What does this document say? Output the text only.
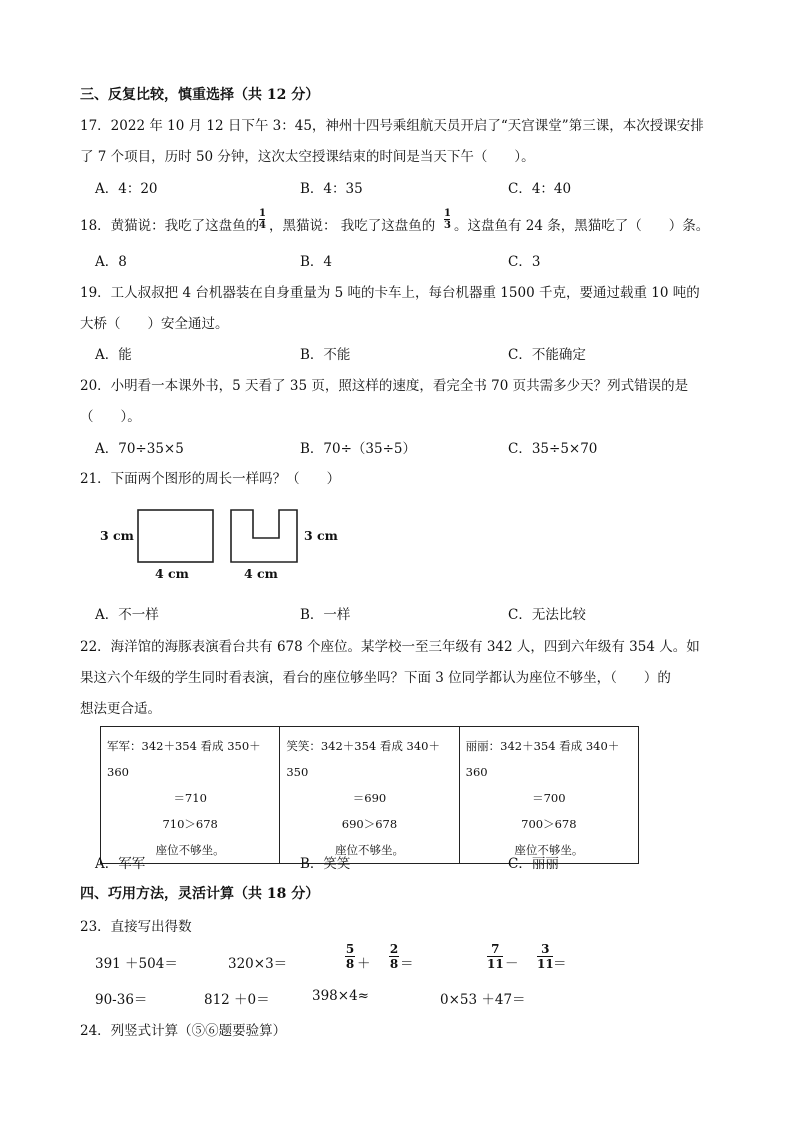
三、反复比较，慎重选择（共 12 分）
17．2022 年 10 月 12 日下午 3：45，神州十四号乘组航天员开启了“天宫课堂”第三课，本次授课安排
了 7 个项目，历时 50 分钟，这次太空授课结束的时间是当天下午（　　）。
A．4：20	B．4：35	C．4：40
18．黄猫说：我吃了这盘鱼的
1
4 ，黑猫说： 我吃了这盘鱼的
1
3 。这盘鱼有 24 条，黑猫吃了（　　）条。
A．8	B．4	C．3
19．工人叔叔把 4 台机器装在自身重量为 5 吨的卡车上，每台机器重 1500 千克，要通过载重 10 吨的
大桥（　　）安全通过。
A．能	B．不能	C．不能确定
20．小明看一本课外书，5 天看了 35 页，照这样的速度，看完全书 70 页共需多少天？列式错误的是
（　　）。
A．70÷35×5	B．70÷（35÷5）	C．35÷5×70
21．下面两个图形的周长一样吗？（　　）
3 cm
4 cm
3 cm
4 cm
A．不一样	B．一样	C．无法比较
22．海洋馆的海豚表演看台共有 678 个座位。某学校一至三年级有 342 人，四到六年级有 354 人。如
果这六个年级的学生同时看表演，看台的座位够坐吗？下面 3 位同学都认为座位不够坐，（　　）的
想法更合适。
军军：342＋354 看成 350＋360
＝710
710＞678
座位不够坐。

笑笑：342＋354 看成 340＋350
＝690
690＞678
座位不够坐。

丽丽：342＋354 看成 340＋360
＝700
700＞678
座位不够坐。
A．军军	B．笑笑	C．丽丽
四、巧用方法，灵活计算（共 18 分）
23．直接写出得数
391 ＋504＝	320×3＝
5
8 ＋
2
8 ＝
7
11 －
3
11 ＝
90-36＝	812 ＋0＝	398×4≈	0×53 ＋47＝
24．列竖式计算（⑤⑥题要验算）
